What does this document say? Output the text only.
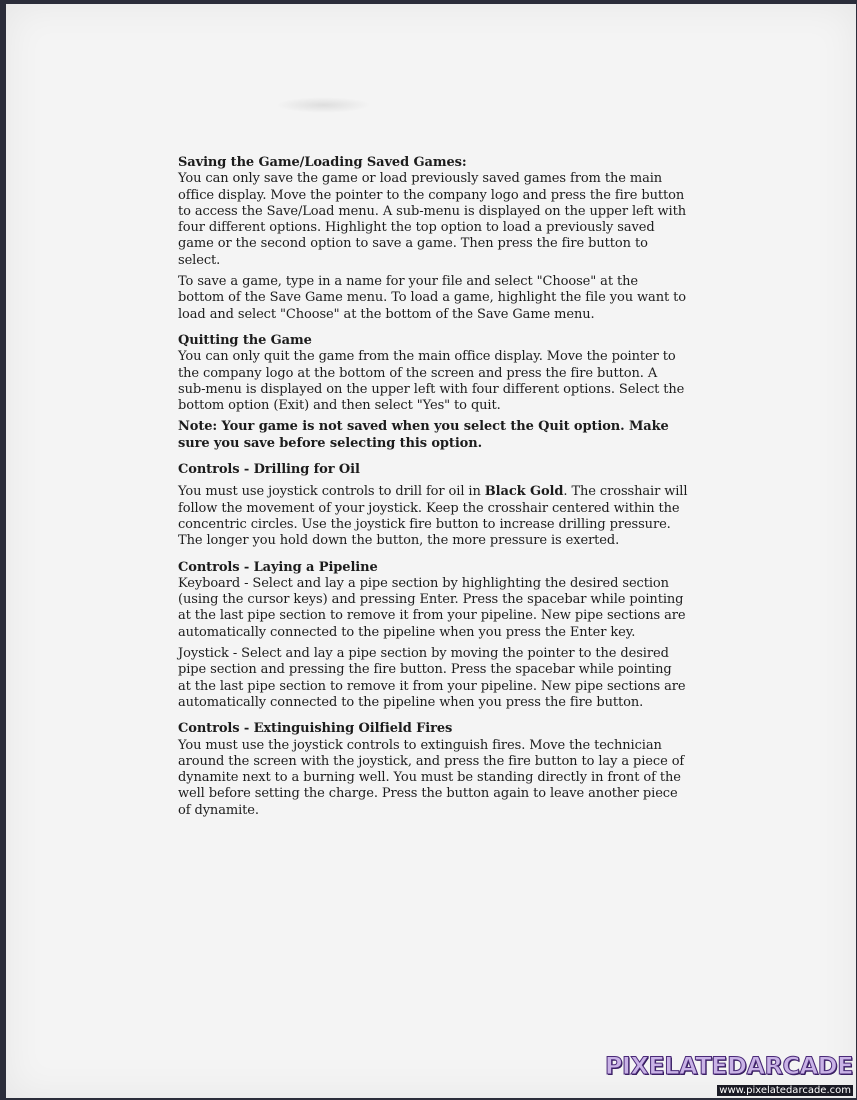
Saving the Game/Loading Saved Games:

You can only save the game or load previously saved games from the main office display. Move the pointer to the company logo and press the fire button to access the Save/Load menu. A sub-menu is displayed on the upper left with four different options. Highlight the top option to load a previously saved game or the second option to save a game. Then press the fire button to select.

To save a game, type in a name for your file and select "Choose" at the bottom of the Save Game menu. To load a game, highlight the file you want to load and select "Choose" at the bottom of the Save Game menu.

Quitting the Game

You can only quit the game from the main office display. Move the pointer to the company logo at the bottom of the screen and press the fire button. A sub-menu is displayed on the upper left with four different options. Select the bottom option (Exit) and then select "Yes" to quit.

Note: Your game is not saved when you select the Quit option. Make sure you save before selecting this option.
Controls - Drilling for Oil

You must use joystick controls to drill for oil in Black Gold. The crosshair will follow the movement of your joystick. Keep the crosshair centered within the concentric circles. Use the joystick fire button to increase drilling pressure. The longer you hold down the button, the more pressure is exerted.

Controls - Laying a Pipeline

Keyboard - Select and lay a pipe section by highlighting the desired section (using the cursor keys) and pressing Enter. Press the spacebar while pointing at the last pipe section to remove it from your pipeline. New pipe sections are automatically connected to the pipeline when you press the Enter key.

Joystick - Select and lay a pipe section by moving the pointer to the desired pipe section and pressing the fire button. Press the spacebar while pointing at the last pipe section to remove it from your pipeline. New pipe sections are automatically connected to the pipeline when you press the fire button.

Controls - Extinguishing Oilfield Fires

You must use the joystick controls to extinguish fires. Move the technician around the screen with the joystick, and press the fire button to lay a piece of dynamite next to a burning well. You must be standing directly in front of the well before setting the charge. Press the button again to leave another piece of dynamite.

PIXELATEDARCADE
www.pixelatedarcade.com
